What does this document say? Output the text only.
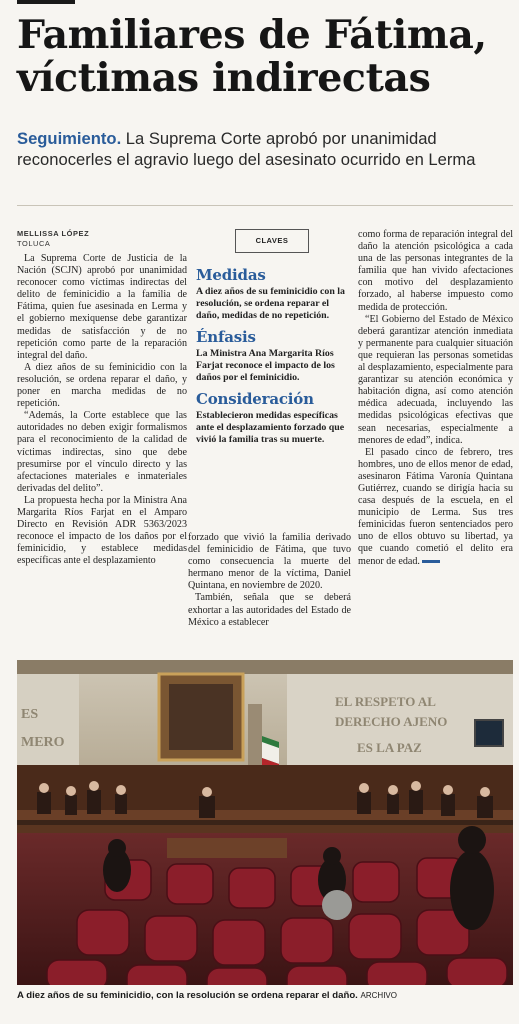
Familiares de Fátima, víctimas indirectas
Seguimiento. La Suprema Corte aprobó por unanimidad reconocerles el agravio luego del asesinato ocurrido en Lerma
MELLISSA LÓPEZ
TOLUCA

La Suprema Corte de Justicia de la Nación (SCJN) aprobó por unanimidad reconocer como víctimas indirectas del delito de feminicidio a la familia de Fátima, quien fue asesinada en Lerma y el gobierno mexiquense debe garantizar medidas de satisfacción y de no repetición como parte de la reparación integral del daño.

A diez años de su feminicidio con la resolución, se ordena reparar el daño, y poner en marcha medidas de no repetición.

“Además, la Corte establece que las autoridades no deben exigir formalismos para el reconocimiento de la calidad de víctimas indirectas, sino que debe presumirse por el vínculo directo y las afectaciones materiales e inmateriales derivadas del delito”.

La propuesta hecha por la Ministra Ana Margarita Ríos Farjat en el Amparo Directo en Revisión ADR 5363/2023 reconoce el impacto de los daños por el feminicidio, y establece medidas específicas ante el desplazamiento

CLAVES
Medidas

A diez años de su feminicidio con la resolución, se ordena reparar el daño, medidas de no repetición.

Énfasis

La Ministra Ana Margarita Ríos Farjat reconoce el impacto de los daños por el feminicidio.

Consideración

Establecieron medidas específicas ante el desplazamiento forzado que vivió la familia tras su muerte.

forzado que vivió la familia derivado del feminicidio de Fátima, que tuvo como consecuencia la muerte del hermano menor de la víctima, Daniel Quintana, en noviembre de 2020.

También, señala que se deberá exhortar a las autoridades del Estado de México a establecer

como forma de reparación integral del daño la atención psicológica a cada una de las personas integrantes de la familia que han vivido afectaciones con motivo del desplazamiento forzado, al haberse impuesto como medida de protección.

“El Gobierno del Estado de México deberá garantizar atención inmediata y permanente para cualquier situación que requieran las personas sometidas al desplazamiento, especialmente para garantizar su atención económica y habitación digna, así como atención médica adecuada, incluyendo las medidas psicológicas efectivas que sean necesarias, especialmente a menores de edad”, indica.

El pasado cinco de febrero, tres hombres, uno de ellos menor de edad, asesinaron Fátima Varonía Quintana Gutiérrez, cuando se dirigía hacia su casa después de la escuela, en el municipio de Lerma. Sus tres feminicidas fueron sentenciados pero uno de ellos obtuvo su libertad, ya que cuando cometió el delito era menor de edad.

ES
MERO
EL RESPETO AL
DERECHO AJENO
ES LA PAZ
A diez años de su feminicidio, con la resolución se ordena reparar el daño. ARCHIVO
